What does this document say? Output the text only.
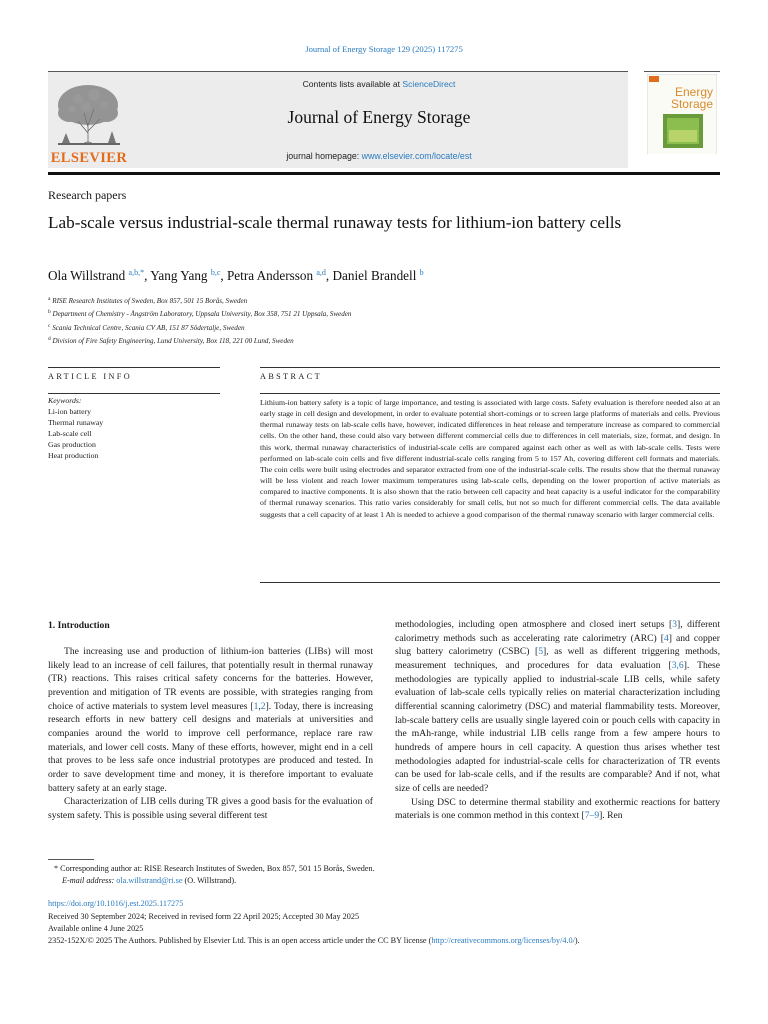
Journal of Energy Storage 129 (2025) 117275
ELSEVIER
Contents lists available at ScienceDirect
Journal of Energy Storage
journal homepage: www.elsevier.com/locate/est
Energy
Storage
Research papers
Lab-scale versus industrial-scale thermal runaway tests for lithium-ion battery cells
Ola Willstrand $^{a,b,*}$, Yang Yang $^{b,c}$, Petra Andersson $^{a,d}$, Daniel Brandell $^b$
$^a$ RISE Research Institutes of Sweden, Box 857, 501 15 Borås, Sweden
$^b$ Department of Chemistry - Ångström Laboratory, Uppsala University, Box 358, 751 21 Uppsala, Sweden
$^c$ Scania Technical Centre, Scania CV AB, 151 87 Södertalje, Sweden
$^d$ Division of Fire Safety Engineering, Lund University, Box 118, 221 00 Lund, Sweden
ARTICLE INFO	ABSTRACT
Keywords:
Li-ion battery
Thermal runaway
Lab-scale cell
Gas production
Heat production
Lithium-ion battery safety is a topic of large importance, and testing is associated with large costs. Safety evaluation is therefore needed also at an early stage in cell design and development, in order to evaluate potential short-comings or to screen large platforms of materials and cells. Previous thermal runaway tests on lab-scale cells have, however, indicated differences in heat release and temperature increase as compared to commercial cells. On the other hand, these could also vary between different commercial cells due to differences in cell materials, size, format, and design. In this work, thermal runaway characteristics of industrial-scale cells are compared against each other as well as with lab-scale cells. Tests were performed on lab-scale coin cells and five different industrial-scale cells ranging from 5 to 157 Ah, covering different cell formats and materials. The coin cells were built using electrodes and separator extracted from one of the industrial-scale cells. The results show that the thermal runaway will be less violent and reach lower maximum temperatures using lab-scale cells, depending on the lower proportion of active materials as compared to inactive components. It is also shown that the ratio between cell capacity and heat capacity is a useful indicator for the comparability of thermal runaway scenarios. This ratio varies considerably for small cells, but not so much for different commercial cells. The data available suggests that a cell capacity of at least 1 Ah is needed to achieve a good comparison of the thermal runaway scenario with larger commercial cells.
1. Introduction

The increasing use and production of lithium-ion batteries (LIBs) will most likely lead to an increase of cell failures, that potentially result in thermal runaway (TR) reactions. This raises critical safety concerns for the batteries. However, prevention and mitigation of TR events are possible, with strategies ranging from choice of active materials to system level measures [1,2]. Today, there is increasing research efforts in new battery cell designs and materials at universities and companies around the world to improve cell performance, replace rare raw materials, and lower cell costs. Many of these efforts, however, might end in a cell that proves to be less safe once industrial prototypes are produced and tested. In order to save development time and money, it is therefore important to evaluate battery safety at an early stage.

Characterization of LIB cells during TR gives a good basis for the evaluation of system safety. This is possible using several different test

methodologies, including open atmosphere and closed inert setups [3], different calorimetry methods such as accelerating rate calorimetry (ARC) [4] and copper slug battery calorimetry (CSBC) [5], as well as different triggering methods, measurement techniques, and procedures for data evaluation [3,6]. These methodologies are typically applied to industrial-scale LIB cells, while safety evaluation of lab-scale cells typically relies on material characterization including differential scanning calorimetry (DSC) and material flammability tests. Moreover, lab-scale battery cells are usually single layered coin or pouch cells with capacity in the mAh-range, while industrial LIB cells range from a few ampere hours to hundreds of ampere hours in cell capacity. A question thus arises whether test methodologies adapted for industrial-scale cells for characterization of TR events can be used for lab-scale cells, and if the results are comparable? And if not, what size of cells are needed?

Using DSC to determine thermal stability and exothermic reactions for battery materials is one common method in this context [7–9]. Ren

* Corresponding author at: RISE Research Institutes of Sweden, Box 857, 501 15 Borås, Sweden.
E-mail address: ola.willstrand@ri.se (O. Willstrand).
https://doi.org/10.1016/j.est.2025.117275
Received 30 September 2024; Received in revised form 22 April 2025; Accepted 30 May 2025
Available online 4 June 2025
2352-152X/© 2025 The Authors. Published by Elsevier Ltd. This is an open access article under the CC BY license (http://creativecommons.org/licenses/by/4.0/).
